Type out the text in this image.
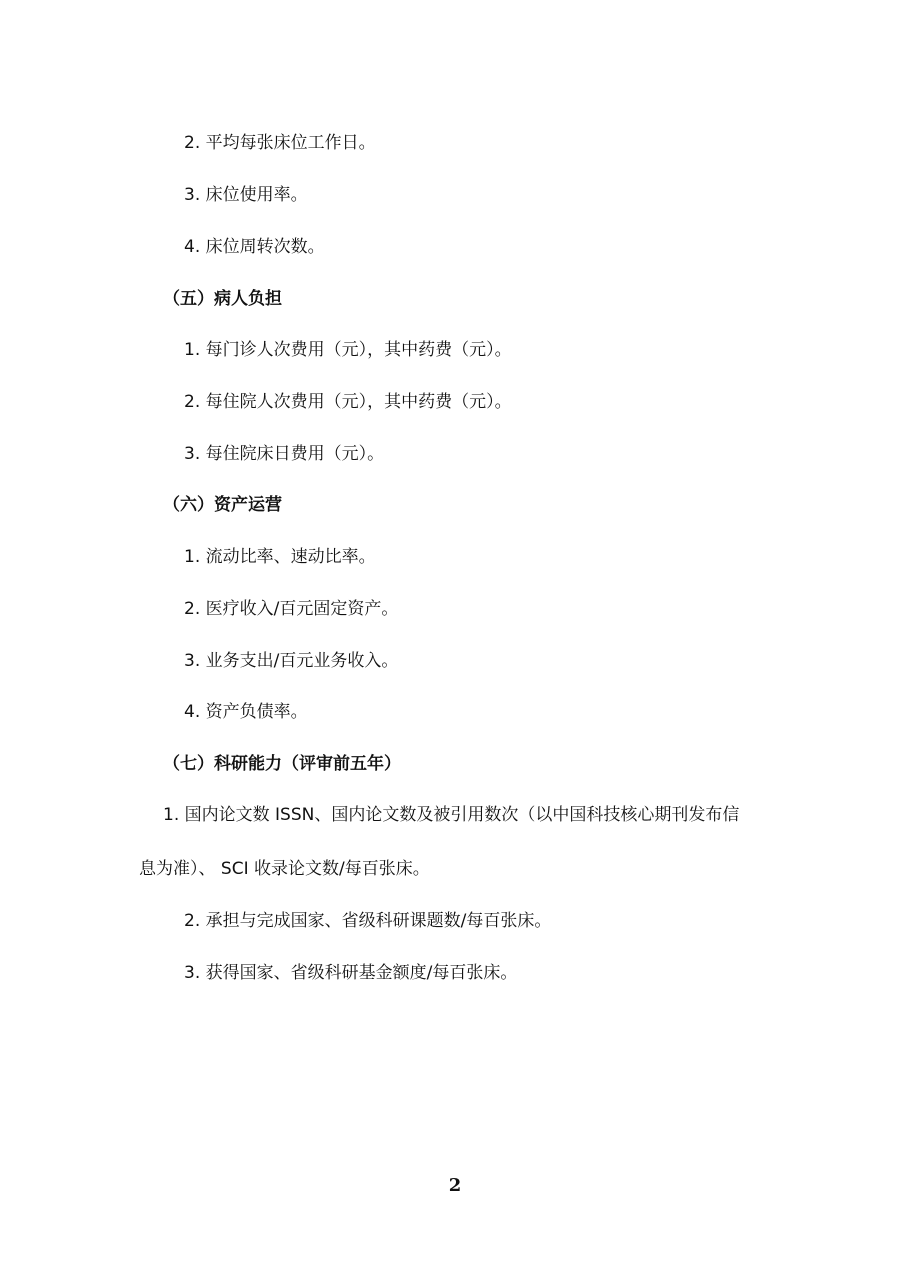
2. 平均每张床位工作日。
3. 床位使用率。
4. 床位周转次数。
（五）病人负担
1. 每门诊人次费用（元），其中药费（元）。
2. 每住院人次费用（元），其中药费（元）。
3. 每住院床日费用（元）。
（六）资产运营
1. 流动比率、速动比率。
2. 医疗收入/百元固定资产。
3. 业务支出/百元业务收入。
4. 资产负债率。
（七）科研能力（评审前五年）
1. 国内论文数 ISSN、国内论文数及被引用数次（以中国科技核心期刊发布信
息为准）、 SCI 收录论文数/每百张床。
2. 承担与完成国家、省级科研课题数/每百张床。
3. 获得国家、省级科研基金额度/每百张床。
2
